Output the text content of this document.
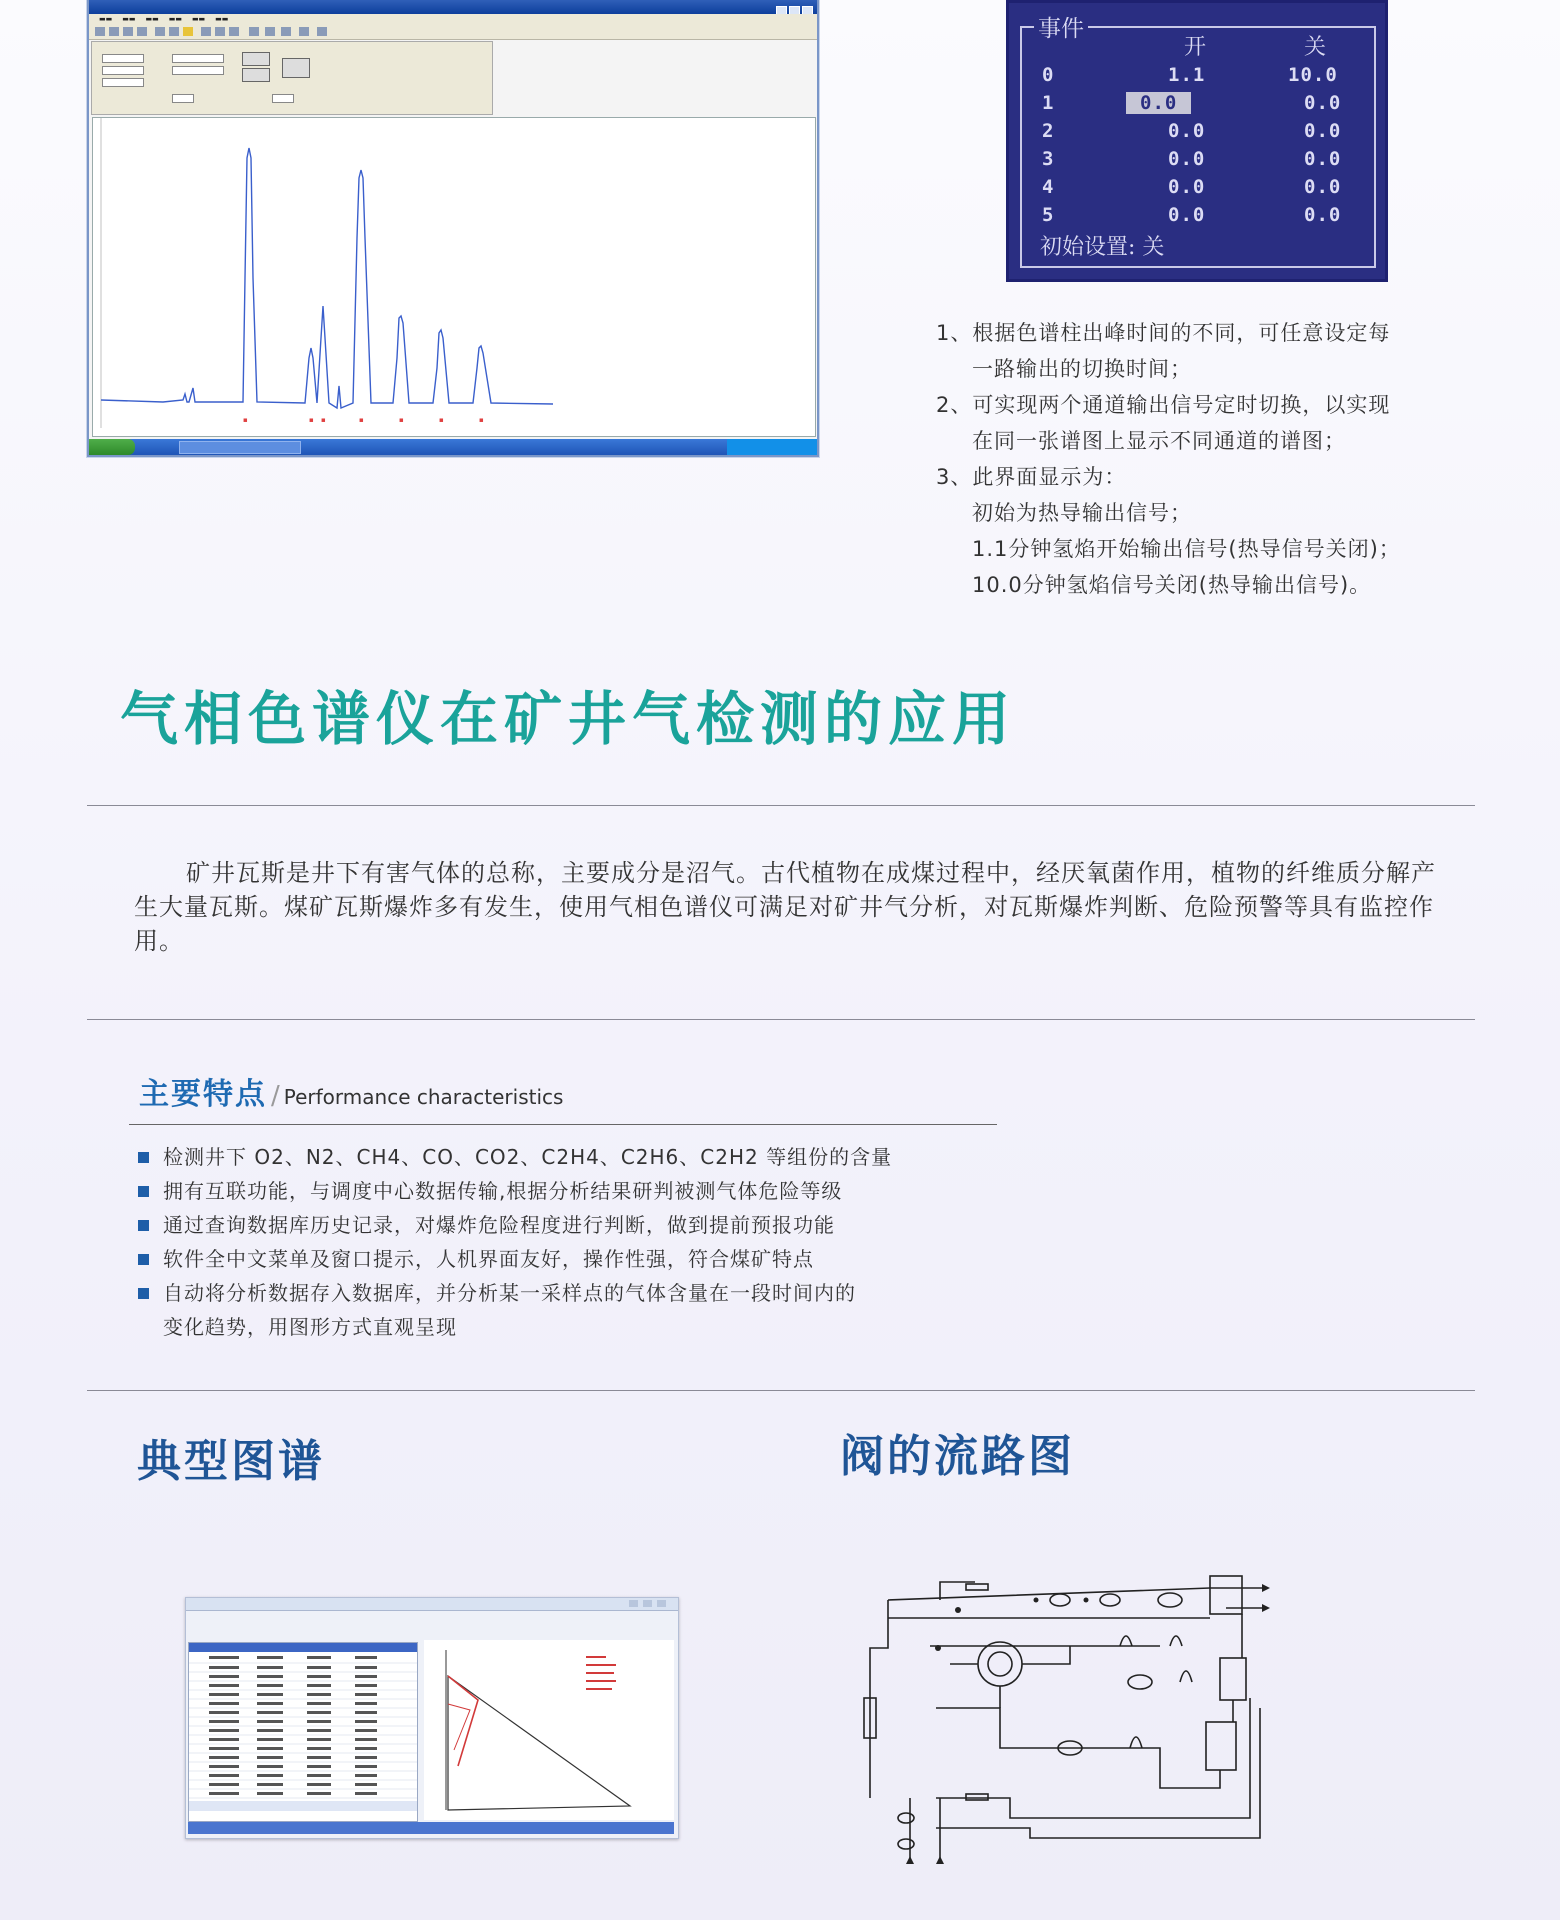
▬▬ ▬▬ ▬▬ ▬▬ ▬▬ ▬▬
▪	▪ ▪	▪	▪	▪	▪
事件
开	关
0	1.1	10.0
1	0.0	0.0
2	0.0	0.0
3	0.0	0.0
4	0.0	0.0
5	0.0	0.0
初始设置: 关
1、根据色谱柱出峰时间的不同，可任意设定每
一路输出的切换时间；
2、可实现两个通道输出信号定时切换，以实现
在同一张谱图上显示不同通道的谱图；
3、此界面显示为：
初始为热导输出信号；
1.1分钟氢焰开始输出信号(热导信号关闭)；
10.0分钟氢焰信号关闭(热导输出信号)。
气相色谱仪在矿井气检测的应用
矿井瓦斯是井下有害气体的总称，主要成分是沼气。古代植物在成煤过程中，经厌氧菌作用，植物的纤维质分解产生大量瓦斯。煤矿瓦斯爆炸多有发生，使用气相色谱仪可满足对矿井气分析，对瓦斯爆炸判断、危险预警等具有监控作用。
主要特点 / Performance characteristics
检测井下 O2、N2、CH4、CO、CO2、C2H4、C2H6、C2H2 等组份的含量
拥有互联功能，与调度中心数据传输,根据分析结果研判被测气体危险等级
通过查询数据库历史记录，对爆炸危险程度进行判断，做到提前预报功能
软件全中文菜单及窗口提示，人机界面友好，操作性强，符合煤矿特点
自动将分析数据存入数据库，并分析某一采样点的气体含量在一段时间内的
变化趋势，用图形方式直观呈现
典型图谱	阀的流路图
